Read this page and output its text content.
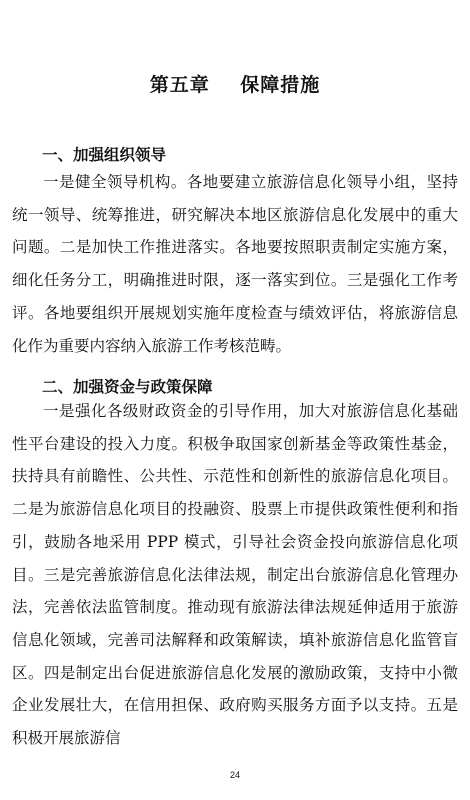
第五章    保障措施
一、加强组织领导

一是健全领导机构。各地要建立旅游信息化领导小组，坚持统一领导、统筹推进，研究解决本地区旅游信息化发展中的重大问题。二是加快工作推进落实。各地要按照职责制定实施方案，细化任务分工，明确推进时限，逐一落实到位。三是强化工作考评。各地要组织开展规划实施年度检查与绩效评估，将旅游信息化作为重要内容纳入旅游工作考核范畴。

二、加强资金与政策保障

一是强化各级财政资金的引导作用，加大对旅游信息化基础性平台建设的投入力度。积极争取国家创新基金等政策性基金，扶持具有前瞻性、公共性、示范性和创新性的旅游信息化项目。二是为旅游信息化项目的投融资、股票上市提供政策性便利和指引，鼓励各地采用 PPP 模式，引导社会资金投向旅游信息化项目。三是完善旅游信息化法律法规，制定出台旅游信息化管理办法，完善依法监管制度。推动现有旅游法律法规延伸适用于旅游信息化领域，完善司法解释和政策解读，填补旅游信息化监管盲区。四是制定出台促进旅游信息化发展的激励政策，支持中小微企业发展壮大，在信用担保、政府购买服务方面予以支持。五是积极开展旅游信

24
